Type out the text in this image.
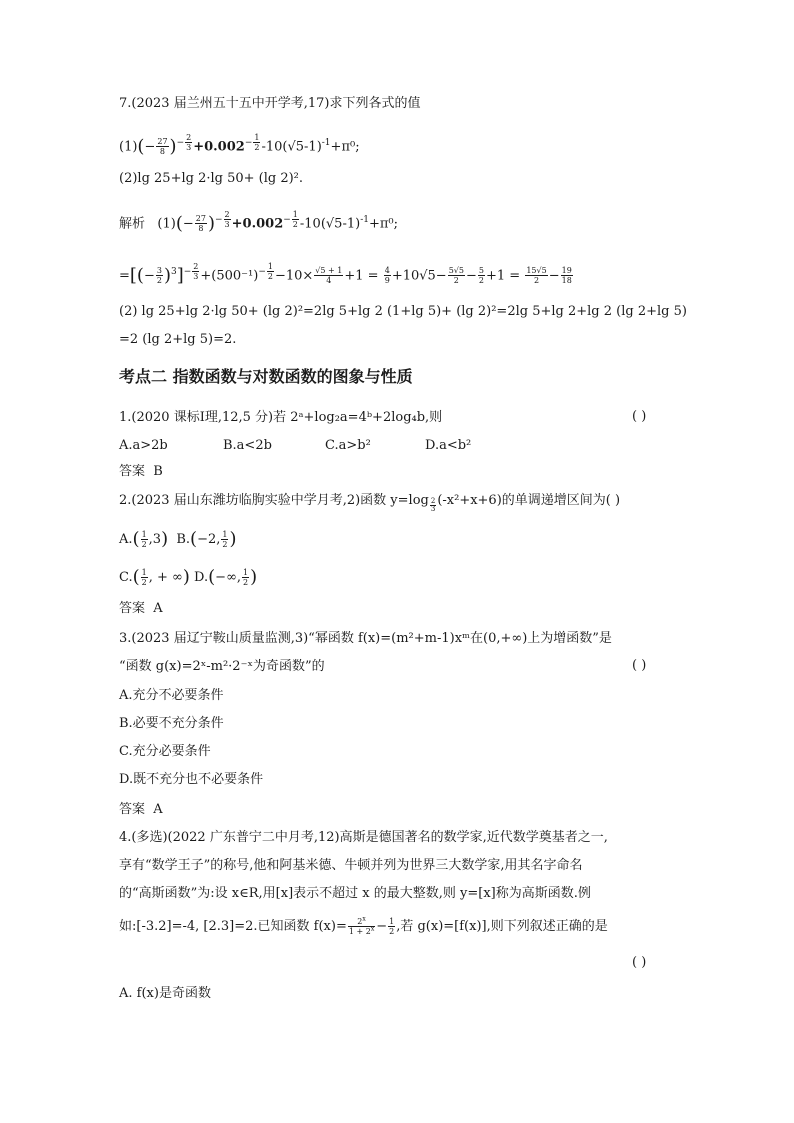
7.(2023 届兰州五十五中开学考,17)求下列各式的值
$(1)(- \frac{27}{8} )^{- \frac{2}{3}} +0.002^{- \frac{1}{2}}$ $-10(√5-1)^{-1}+\pi^0$;
(2)lg 25+lg 2·lg 50+ (lg 2)².
解析 $(1)(- \frac{27}{8} )^{- \frac{2}{3}} +0.002^{- \frac{1}{2}}$ $-10(√5-1)^{-1}+\pi^0$;
=[(− $\frac{3}{2} )^3]^{- \frac{2}{3}} +(500^{-1})^{- \frac{1}{2}} -10\times \frac{√5 + 1}{4} +1 = \frac{4}{9} +10√5- \frac{5√5}{2} - \frac{5}{2} +1 = \frac{15√5}{2} - \frac{19}{18}$
(2) lg 25+lg 2·lg 50+ (lg 2)²=2lg 5+lg 2 (1+lg 5)+ (lg 2)²=2lg 5+lg 2+lg 2 (lg 2+lg 5)
=2 (lg 2+lg 5)=2.
考点二 指数函数与对数函数的图象与性质
1.(2020 课标Ⅰ理,12,5 分)若 2ᵃ+log₂a=4ᵇ+2log₄b,则	( )
A.a>2b	B.a<2b	C.a>b²	D.a<b²
答案 B
2.(2023 届山东潍坊临朐实验中学月考,2)函数 y=log $_{\frac{2}{3}}$ (-x²+x+6)的单调递增区间为( )
$A.( \frac{1}{2} ,3)$ B.(−2, $\frac{1}{2}$ )
$C.( \frac{1}{2}$ , + ∞) D.(−∞, $\frac{1}{2}$ )
答案 A
3.(2023 届辽宁鞍山质量监测,3)“幂函数 f(x)=(m²+m-1)xᵐ在(0,+∞)上为增函数”是
“函数 g(x)=2ˣ-m²·2⁻ˣ为奇函数”的	( )
A.充分不必要条件
B.必要不充分条件
C.充分必要条件
D.既不充分也不必要条件
答案 A
4.(多选)(2022 广东普宁二中月考,12)高斯是德国著名的数学家,近代数学奠基者之一,
享有“数学王子”的称号,他和阿基米德、牛顿并列为世界三大数学家,用其名字命名
的“高斯函数”为:设 x∈R,用[x]表示不超过 x 的最大整数,则 y=[x]称为高斯函数.例
如:[-3.2]=-4, [2.3]=2.已知函数 $f(x)= \frac{2^x}{1 + 2^x} - \frac{1}{2}$ ,若 g(x)=[f(x)],则下列叙述正确的是
( )
A. f(x)是奇函数
